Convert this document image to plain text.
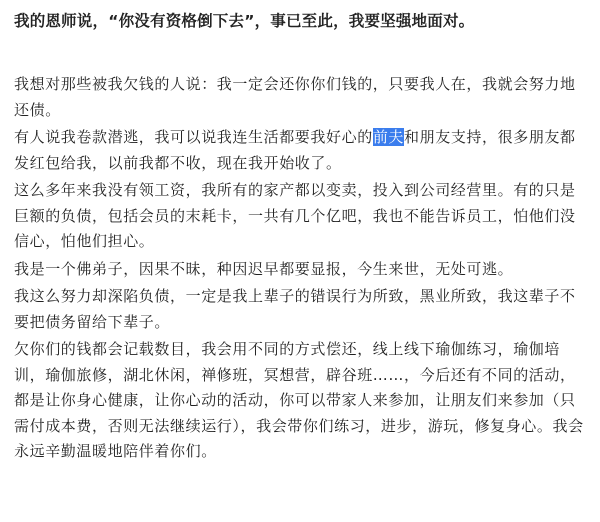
我的恩师说，“你没有资格倒下去”，事已至此，我要坚强地面对。

我想对那些被我欠钱的人说：我一定会还你你们钱的，只要我人在，我就会努力地还债。

有人说我卷款潜逃，我可以说我连生活都要我好心的前夫和朋友支持，很多朋友都发红包给我，以前我都不收，现在我开始收了。

这么多年来我没有领工资，我所有的家产都以变卖，投入到公司经营里。有的只是巨额的负债，包括会员的末耗卡，一共有几个亿吧，我也不能告诉员工，怕他们没信心，怕他们担心。

我是一个佛弟子，因果不昧，种因迟早都要显报，今生来世，无处可逃。

我这么努力却深陷负债，一定是我上辈子的错误行为所致，黑业所致，我这辈子不要把债务留给下辈子。

欠你们的钱都会记载数目，我会用不同的方式偿还，线上线下瑜伽练习，瑜伽培训，瑜伽旅修，湖北休闲，禅修班，冥想营，辟谷班……，今后还有不同的活动，都是让你身心健康，让你心动的活动，你可以带家人来参加，让朋友们来参加（只需付成本费，否则无法继续运行），我会带你们练习，进步，游玩，修复身心。我会永远辛勤温暖地陪伴着你们。
